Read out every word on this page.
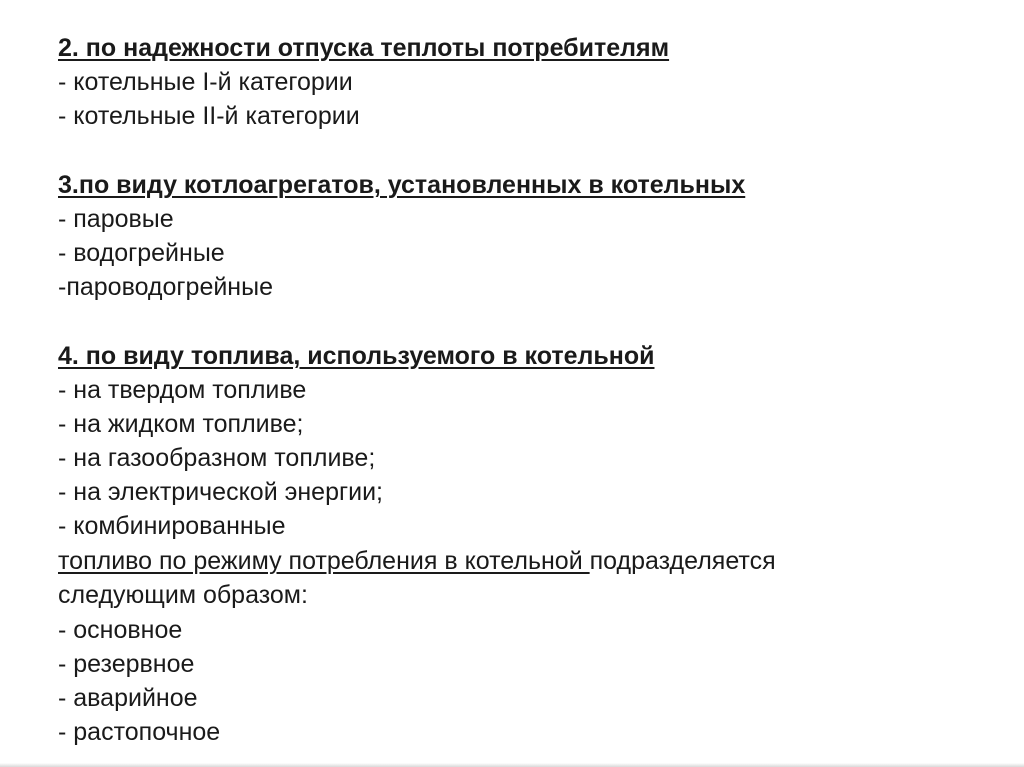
2. по надежности отпуска теплоты потребителям
- котельные I-й категории
- котельные II-й категории
3.по виду котлоагрегатов, установленных в котельных
- паровые
- водогрейные
-пароводогрейные
4. по виду топлива, используемого в котельной
- на твердом топливе
- на жидком топливе;
- на газообразном топливе;
- на электрической энергии;
- комбинированные
топливо по режиму потребления в котельной подразделяется
следующим образом:
- основное
- резервное
- аварийное
- растопочное
